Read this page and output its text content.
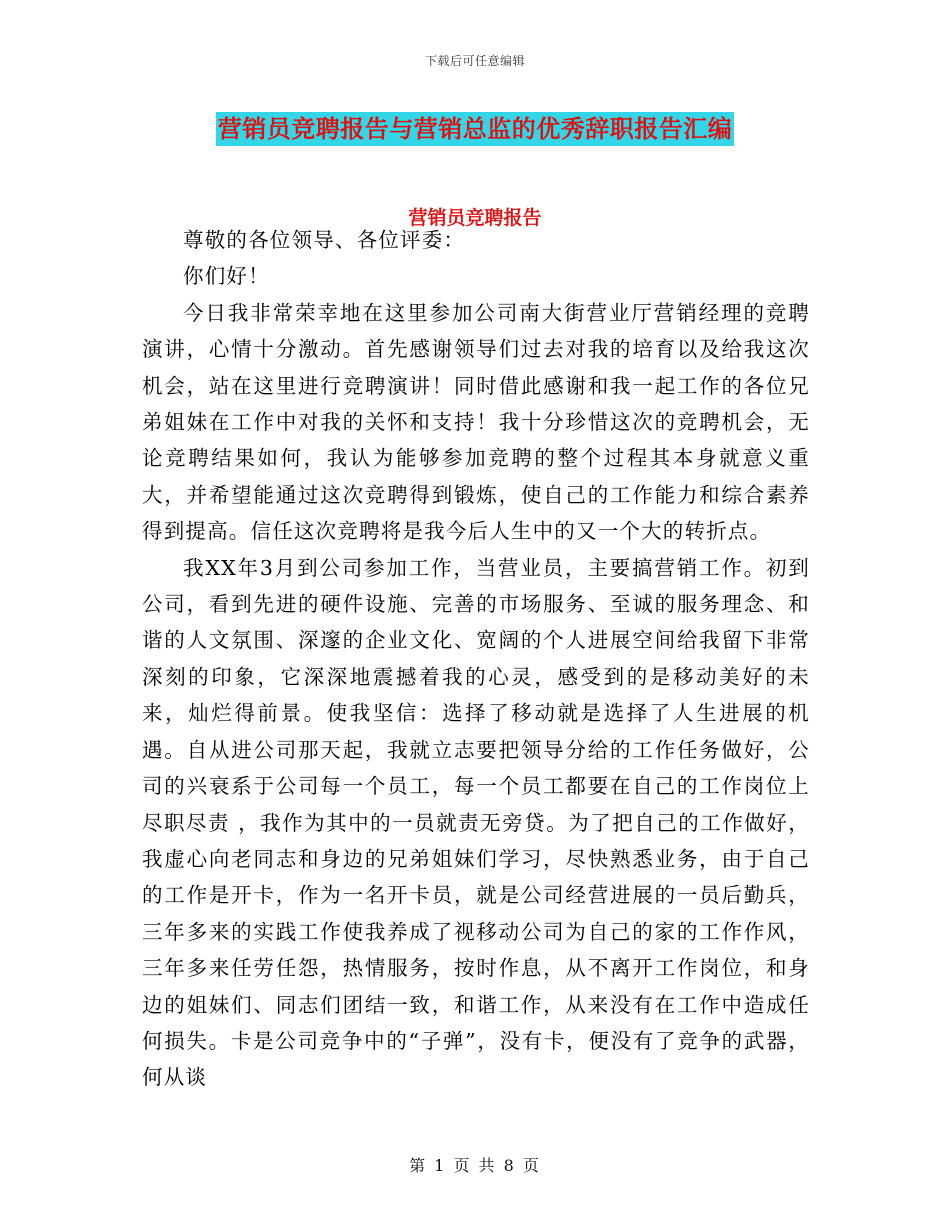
下载后可任意编辑
营销员竞聘报告与营销总监的优秀辞职报告汇编
营销员竞聘报告

尊敬的各位领导、各位评委：

你们好！

今日我非常荣幸地在这里参加公司南大街营业厅营销经理的竞聘演讲，心情十分激动。首先感谢领导们过去对我的培育以及给我这次机会，站在这里进行竞聘演讲！同时借此感谢和我一起工作的各位兄弟姐妹在工作中对我的关怀和支持！我十分珍惜这次的竞聘机会，无论竞聘结果如何，我认为能够参加竞聘的整个过程其本身就意义重大，并希望能通过这次竞聘得到锻炼，使自己的工作能力和综合素养得到提高。信任这次竞聘将是我今后人生中的又一个大的转折点。

我XX年3月到公司参加工作，当营业员，主要搞营销工作。初到公司，看到先进的硬件设施、完善的市场服务、至诚的服务理念、和谐的人文氛围、深邃的企业文化、宽阔的个人进展空间给我留下非常深刻的印象，它深深地震撼着我的心灵，感受到的是移动美好的未来，灿烂得前景。使我坚信：选择了移动就是选择了人生进展的机遇。自从进公司那天起，我就立志要把领导分给的工作任务做好，公司的兴衰系于公司每一个员工，每一个员工都要在自己的工作岗位上尽职尽责 ，我作为其中的一员就责无旁贷。为了把自己的工作做好，我虚心向老同志和身边的兄弟姐妹们学习，尽快熟悉业务，由于自己的工作是开卡，作为一名开卡员，就是公司经营进展的一员后勤兵，三年多来的实践工作使我养成了视移动公司为自己的家的工作作风，三年多来任劳任怨，热情服务，按时作息，从不离开工作岗位，和身边的姐妹们、同志们团结一致，和谐工作，从来没有在工作中造成任何损失。卡是公司竞争中的“子弹”，没有卡，便没有了竞争的武器，何从谈

第 1 页 共 8 页
